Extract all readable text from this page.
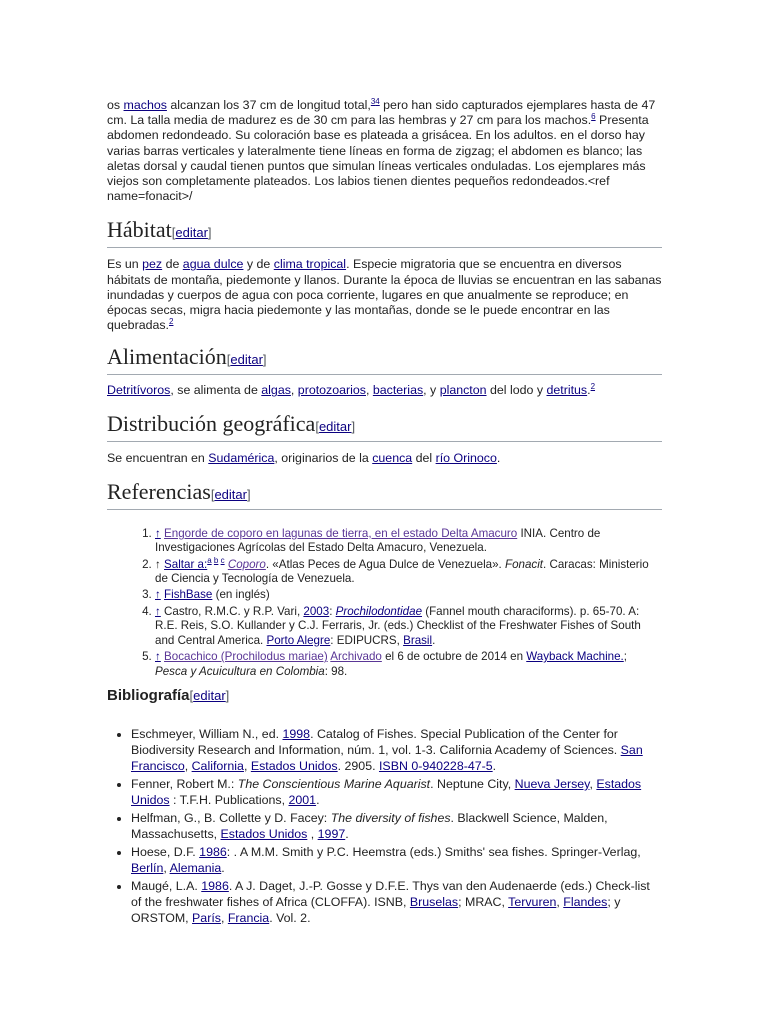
os machos alcanzan los 37 cm de longitud total,$^{34}$ pero han sido capturados ejemplares hasta de 47 cm. La talla media de madurez es de 30 cm para las hembras y 27 cm para los machos.$^6$ Presenta abdomen redondeado. Su coloración base es plateada a grisácea. En los adultos. en el dorso hay varias barras verticales y lateralmente tiene líneas en forma de zigzag; el abdomen es blanco; las aletas dorsal y caudal tienen puntos que simulan líneas verticales onduladas. Los ejemplares más viejos son completamente plateados. Los labios tienen dientes pequeños redondeados.<ref name=fonacit>/

Hábitat[editar]

Es un pez de agua dulce y de clima tropical. Especie migratoria que se encuentra en diversos hábitats de montaña, piedemonte y llanos. Durante la época de lluvias se encuentran en las sabanas inundadas y cuerpos de agua con poca corriente, lugares en que anualmente se reproduce; en épocas secas, migra hacia piedemonte y las montañas, donde se le puede encontrar en las quebradas.$^2$

Alimentación[editar]

Detritívoros, se alimenta de algas, protozoarios, bacterias, y plancton del lodo y detritus.$^2$

Distribución geográfica[editar]

Se encuentran en Sudamérica, originarios de la cuenca del río Orinoco.

Referencias[editar]
1. ↑ Engorde de coporo en lagunas de tierra, en el estado Delta Amacuro INIA. Centro de Investigaciones Agrícolas del Estado Delta Amacuro, Venezuela.
2. ↑ Saltar a:$^{a b c}$ Coporo. «Atlas Peces de Agua Dulce de Venezuela». Fonacit. Caracas: Ministerio de Ciencia y Tecnología de Venezuela.
3. ↑ FishBase (en inglés)
4. ↑ Castro, R.M.C. y R.P. Vari, 2003: Prochilodontidae (Fannel mouth characiforms). p. 65-70. A: R.E. Reis, S.O. Kullander y C.J. Ferraris, Jr. (eds.) Checklist of the Freshwater Fishes of South and Central America. Porto Alegre: EDIPUCRS, Brasil.
5. ↑ Bocachico (Prochilodus mariae) Archivado el 6 de octubre de 2014 en Wayback Machine.; Pesca y Acuicultura en Colombia: 98.
Bibliografía[editar]
• Eschmeyer, William N., ed. 1998. Catalog of Fishes. Special Publication of the Center for Biodiversity Research and Information, núm. 1, vol. 1-3. California Academy of Sciences. San Francisco, California, Estados Unidos. 2905. ISBN 0-940228-47-5.
• Fenner, Robert M.: The Conscientious Marine Aquarist. Neptune City, Nueva Jersey, Estados Unidos : T.F.H. Publications, 2001.
• Helfman, G., B. Collette y D. Facey: The diversity of fishes. Blackwell Science, Malden, Massachusetts, Estados Unidos , 1997.
• Hoese, D.F. 1986: . A M.M. Smith y P.C. Heemstra (eds.) Smiths' sea fishes. Springer-Verlag, Berlín, Alemania.
• Maugé, L.A. 1986. A J. Daget, J.-P. Gosse y D.F.E. Thys van den Audenaerde (eds.) Check-list of the freshwater fishes of Africa (CLOFFA). ISNB, Bruselas; MRAC, Tervuren, Flandes; y ORSTOM, París, Francia. Vol. 2.
